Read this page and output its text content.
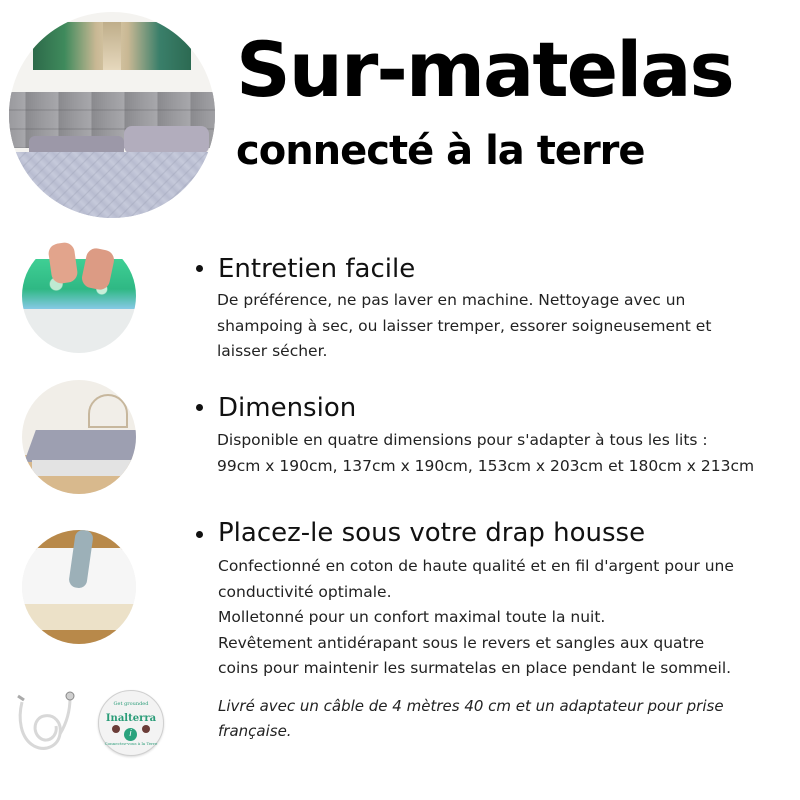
Sur-matelas
connecté à la terre
Entretien facile
De préférence, ne pas laver en machine. Nettoyage avec un
shampoing à sec, ou laisser tremper, essorer soigneusement et
laisser sécher.
Dimension
Disponible en quatre dimensions pour s'adapter à tous les lits :
99cm x 190cm, 137cm x 190cm, 153cm x 203cm et 180cm x 213cm
Placez-le sous votre drap housse
Confectionné en coton de haute qualité et en fil d'argent pour une
conductivité optimale.
Molletonné pour un confort maximal toute la nuit.
Revêtement antidérapant sous le revers et sangles aux quatre
coins pour maintenir les surmatelas en place pendant le sommeil.
Get grounded
Inalterra
i
Connectez-vous à la Terre
Livré avec un câble de 4 mètres 40 cm et un adaptateur pour prise
française.
